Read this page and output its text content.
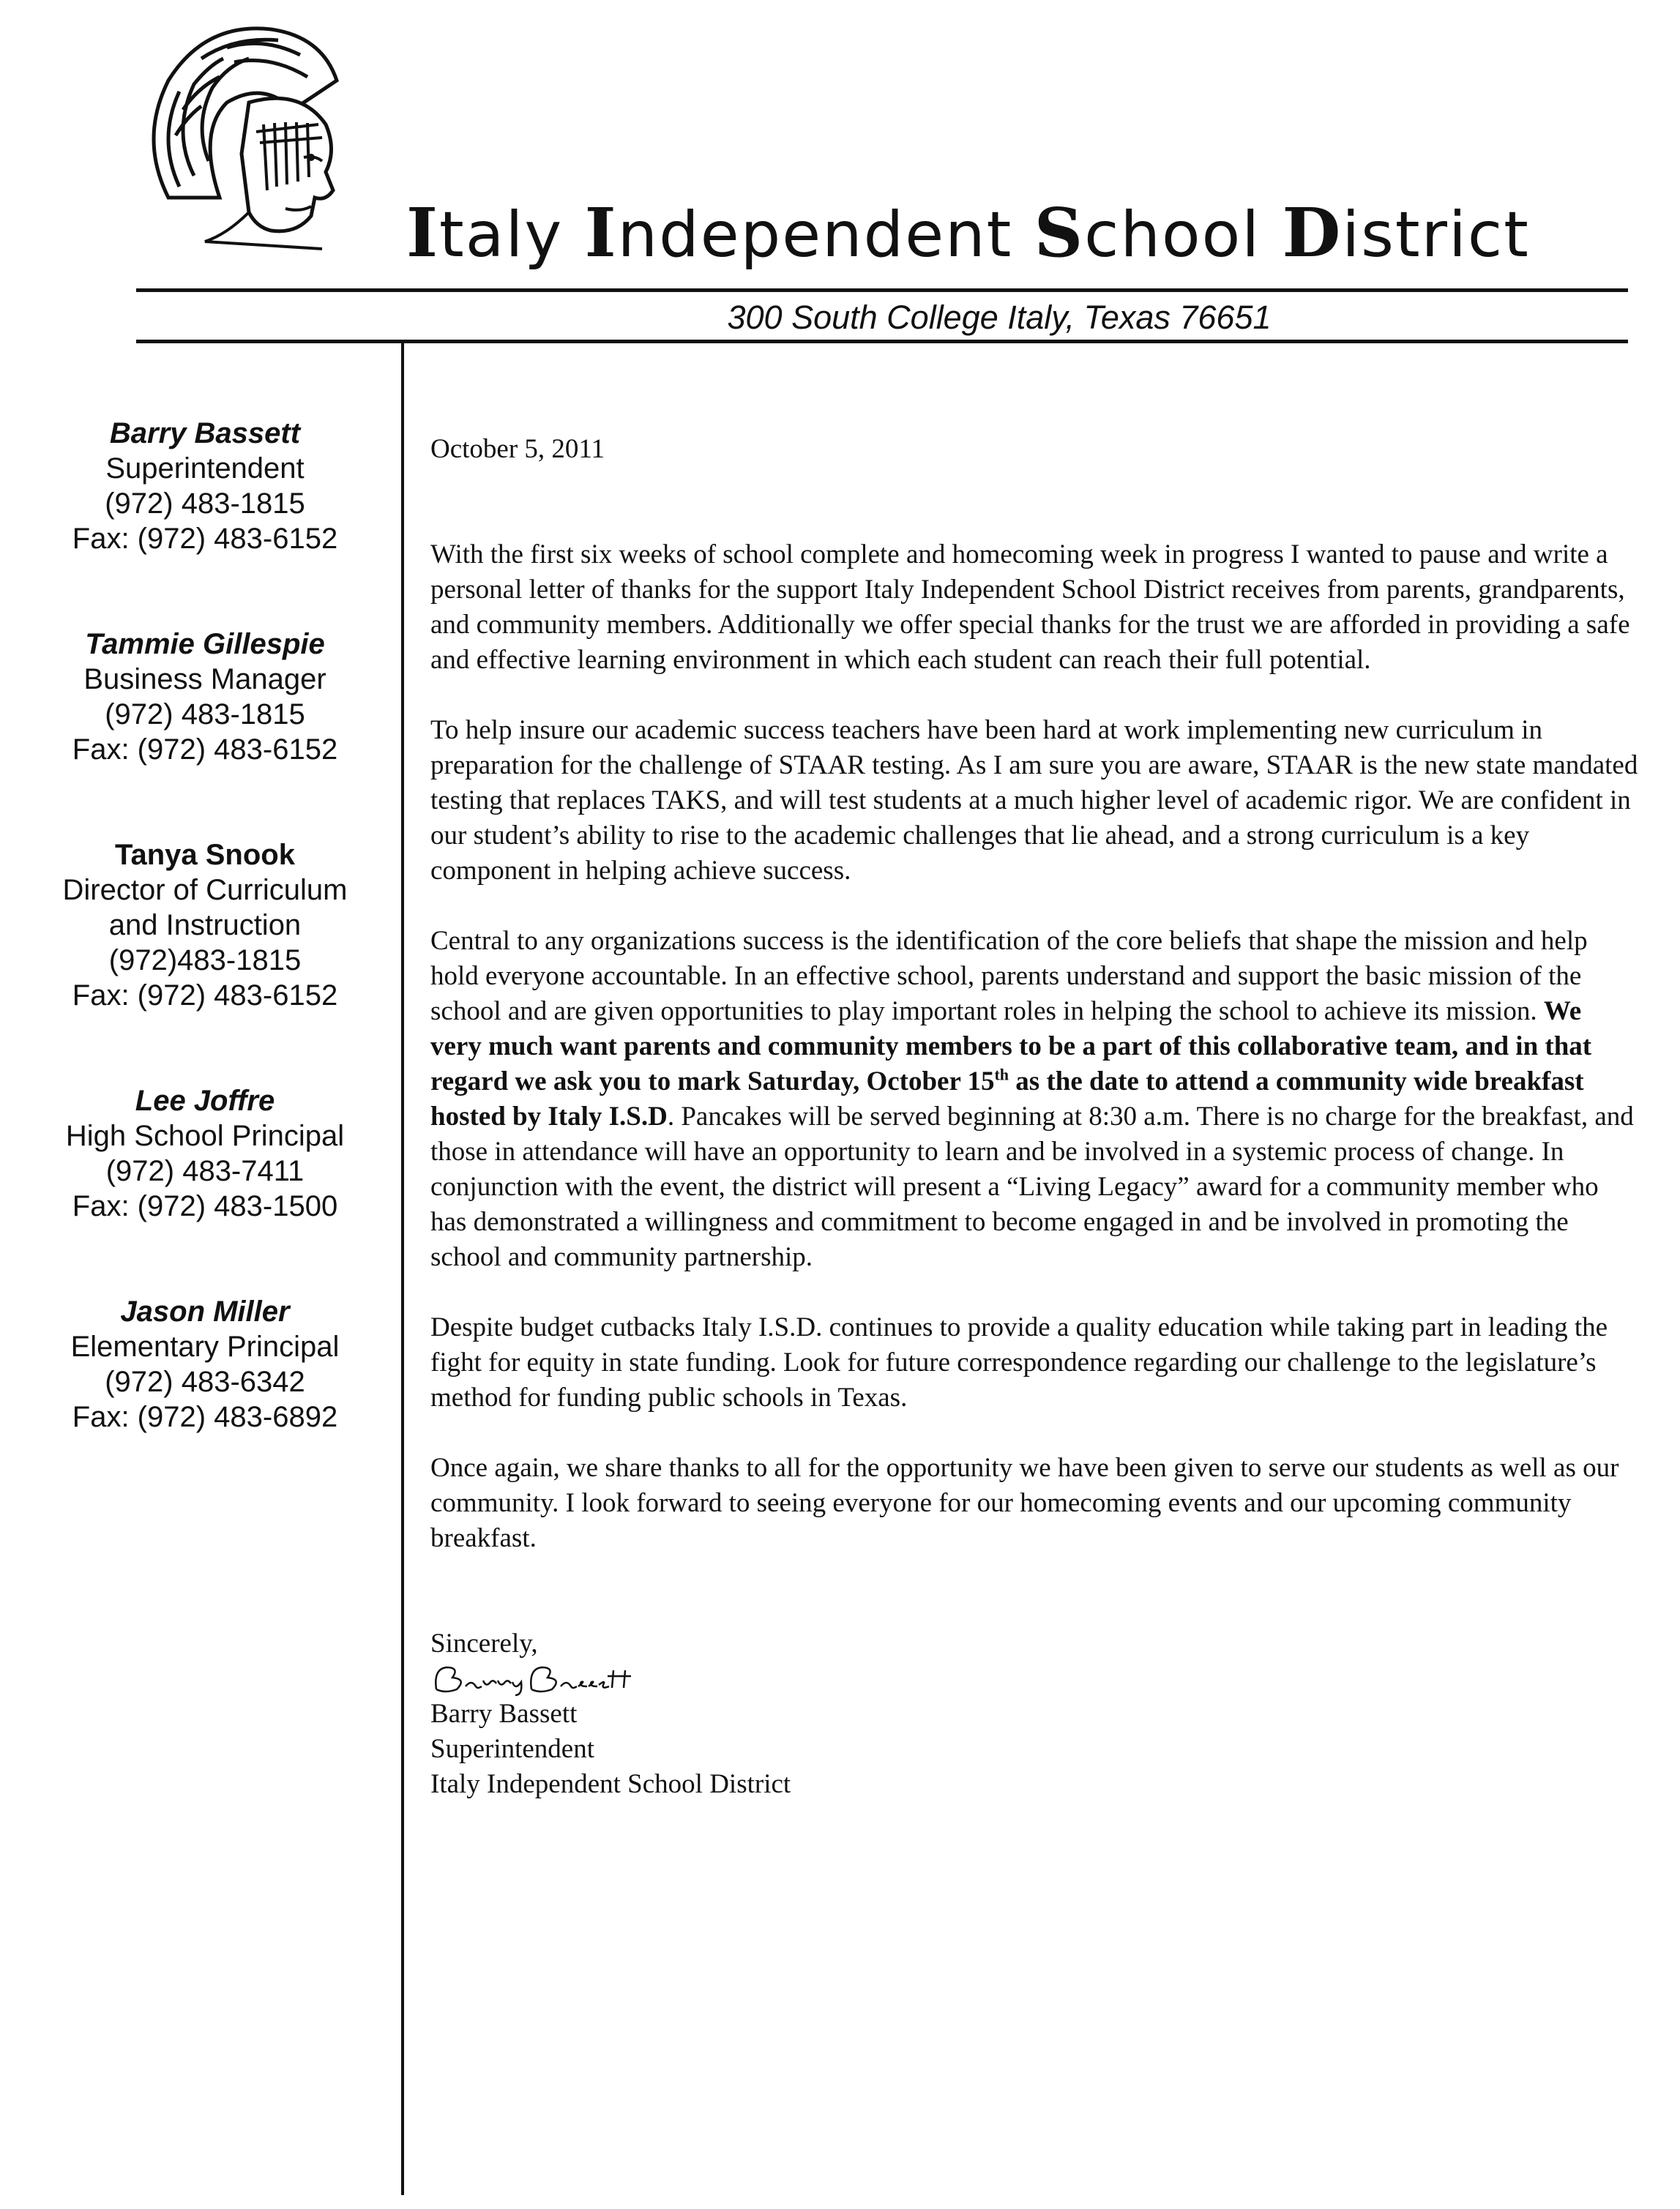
Italy Independent School District
300 South College Italy, Texas 76651
Barry Bassett
Superintendent
(972) 483-1815
Fax: (972) 483-6152
Tammie Gillespie
Business Manager
(972) 483-1815
Fax: (972) 483-6152
Tanya Snook
Director of Curriculum
and Instruction
(972)483-1815
Fax: (972) 483-6152
Lee Joffre
High School Principal
(972) 483-7411
Fax: (972) 483-1500
Jason Miller
Elementary Principal
(972) 483-6342
Fax: (972) 483-6892

October 5, 2011

With the first six weeks of school complete and homecoming week in progress I wanted to pause and write a personal letter of thanks for the support Italy Independent School District receives from parents, grandparents, and community members. Additionally we offer special thanks for the trust we are afforded in providing a safe and effective learning environment in which each student can reach their full potential.

To help insure our academic success teachers have been hard at work implementing new curriculum in preparation for the challenge of STAAR testing. As I am sure you are aware, STAAR is the new state mandated testing that replaces TAKS, and will test students at a much higher level of academic rigor. We are confident in our student’s ability to rise to the academic challenges that lie ahead, and a strong curriculum is a key component in helping achieve success.

Central to any organizations success is the identification of the core beliefs that shape the mission and help hold everyone accountable. In an effective school, parents understand and support the basic mission of the school and are given opportunities to play important roles in helping the school to achieve its mission. We very much want parents and community members to be a part of this collaborative team, and in that regard we ask you to mark Saturday, October 15th as the date to attend a community wide breakfast hosted by Italy I.S.D. Pancakes will be served beginning at 8:30 a.m. There is no charge for the breakfast, and those in attendance will have an opportunity to learn and be involved in a systemic process of change. In conjunction with the event, the district will present a “Living Legacy” award for a community member who has demonstrated a willingness and commitment to become engaged in and be involved in promoting the school and community partnership.

Despite budget cutbacks Italy I.S.D. continues to provide a quality education while taking part in leading the fight for equity in state funding. Look for future correspondence regarding our challenge to the legislature’s method for funding public schools in Texas.

Once again, we share thanks to all for the opportunity we have been given to serve our students as well as our community. I look forward to seeing everyone for our homecoming events and our upcoming community breakfast.

Sincerely,
Barry Bassett
Superintendent
Italy Independent School District
